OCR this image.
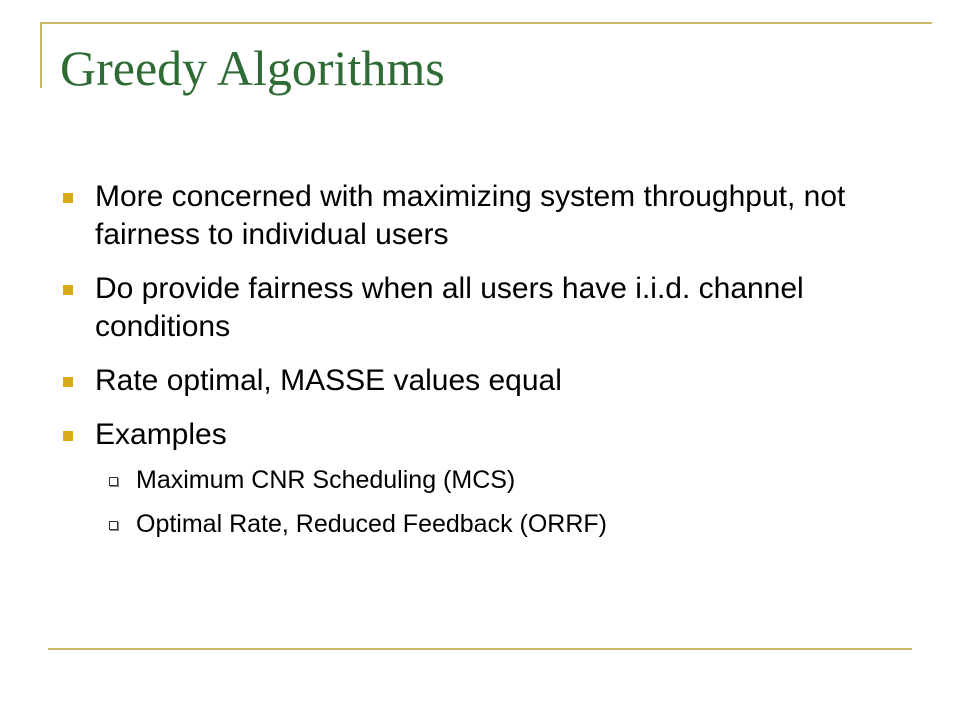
Greedy Algorithms
More concerned with maximizing system throughput, not fairness to individual users
Do provide fairness when all users have i.i.d. channel conditions
Rate optimal, MASSE values equal
Examples
Maximum CNR Scheduling (MCS)
Optimal Rate, Reduced Feedback (ORRF)
